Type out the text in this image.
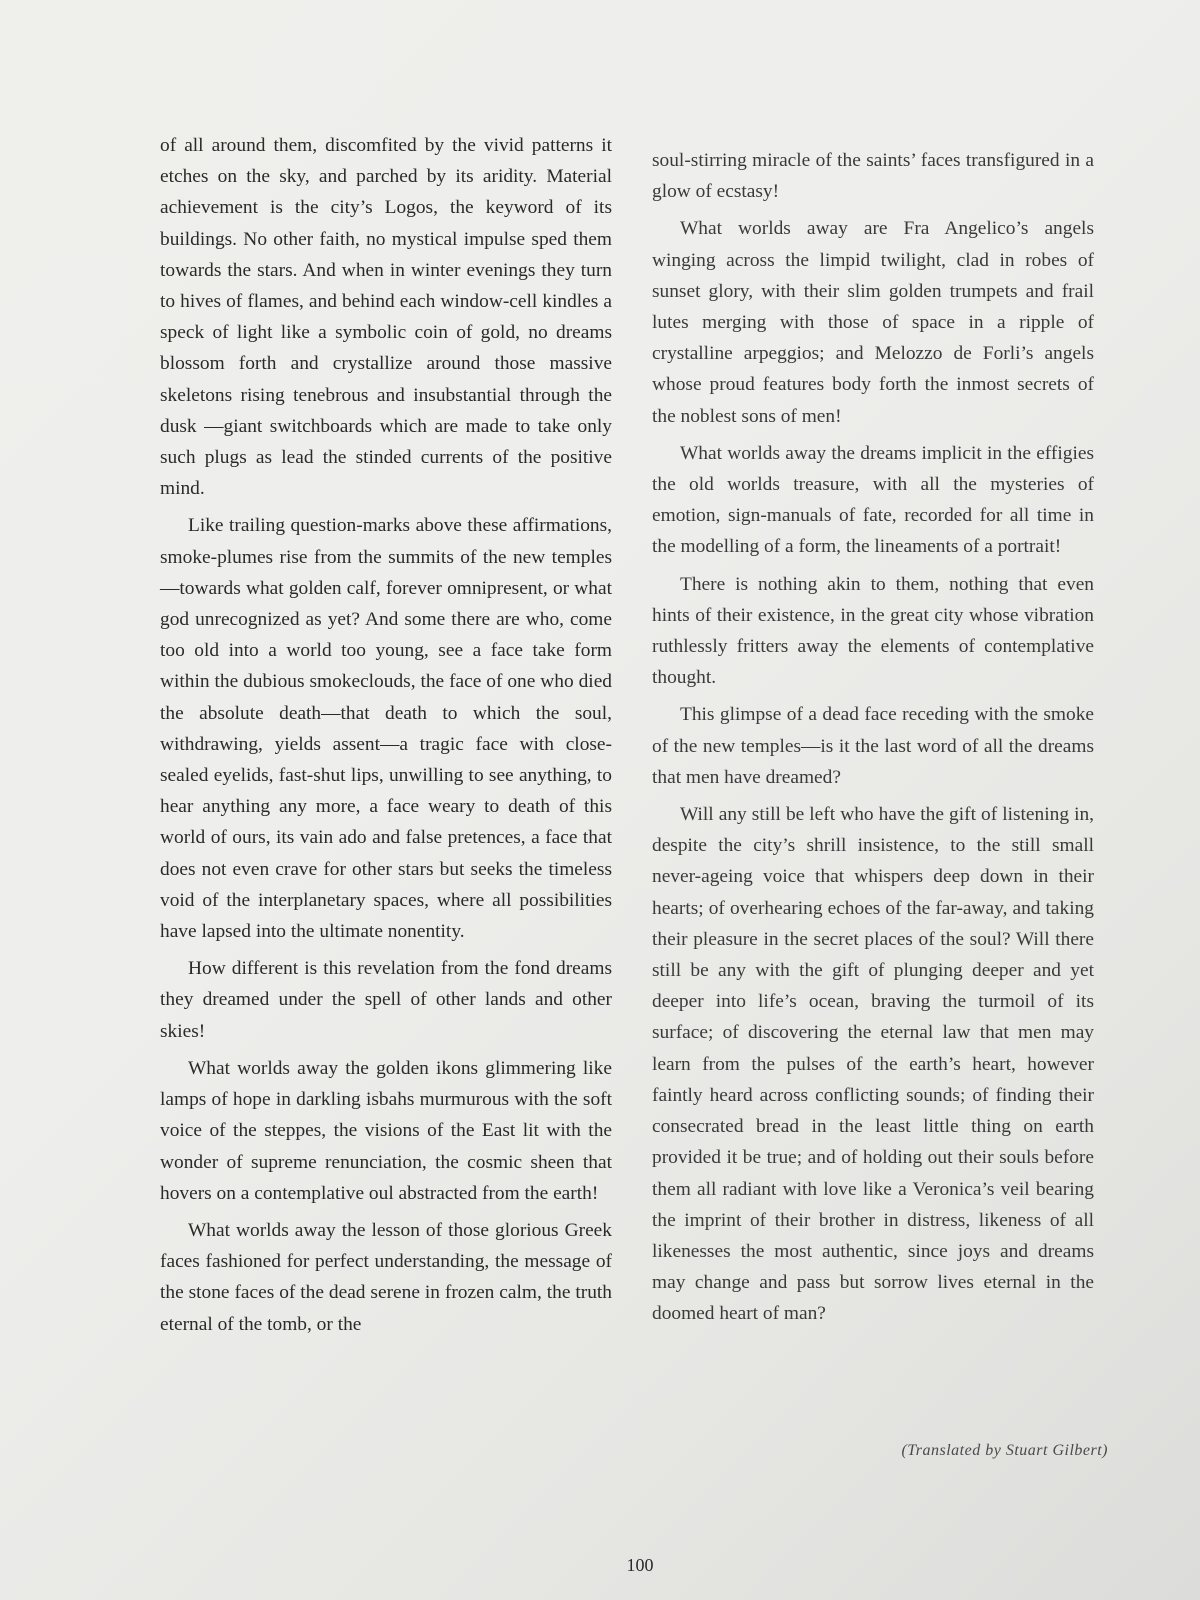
of all around them, discomfited by the vivid patterns it etches on the sky, and parched by its aridity. Material achievement is the city’s Logos, the keyword of its buildings. No other faith, no mystical impulse sped them towards the stars. And when in winter evenings they turn to hives of flames, and behind each window-cell kindles a speck of light like a symbolic coin of gold, no dreams blossom forth and crystallize around those massive skeletons rising tenebrous and insubstantial through the dusk —giant switchboards which are made to take only such plugs as lead the stinded currents of the positive mind.

Like trailing question-marks above these affirmations, smoke-plumes rise from the summits of the new temples—towards what golden calf, forever omnipresent, or what god unrecognized as yet? And some there are who, come too old into a world too young, see a face take form within the dubious smokeclouds, the face of one who died the absolute death—that death to which the soul, withdrawing, yields assent—a tragic face with close-sealed eyelids, fast-shut lips, unwilling to see anything, to hear anything any more, a face weary to death of this world of ours, its vain ado and false pretences, a face that does not even crave for other stars but seeks the timeless void of the interplanetary spaces, where all possibilities have lapsed into the ultimate nonentity.

How different is this revelation from the fond dreams they dreamed under the spell of other lands and other skies!

What worlds away the golden ikons glimmering like lamps of hope in darkling isbahs murmurous with the soft voice of the steppes, the visions of the East lit with the wonder of supreme renunciation, the cosmic sheen that hovers on a contemplative oul abstracted from the earth!

What worlds away the lesson of those glorious Greek faces fashioned for perfect understanding, the message of the stone faces of the dead serene in frozen calm, the truth eternal of the tomb, or the

soul-stirring miracle of the saints’ faces transfigured in a glow of ecstasy!

What worlds away are Fra Angelico’s angels winging across the limpid twilight, clad in robes of sunset glory, with their slim golden trumpets and frail lutes merging with those of space in a ripple of crystalline arpeggios; and Melozzo de Forli’s angels whose proud features body forth the inmost secrets of the noblest sons of men!

What worlds away the dreams implicit in the effigies the old worlds treasure, with all the mysteries of emotion, sign-manuals of fate, recorded for all time in the modelling of a form, the lineaments of a portrait!

There is nothing akin to them, nothing that even hints of their existence, in the great city whose vibration ruthlessly fritters away the elements of contemplative thought.

This glimpse of a dead face receding with the smoke of the new temples—is it the last word of all the dreams that men have dreamed?

Will any still be left who have the gift of listening in, despite the city’s shrill insistence, to the still small never-ageing voice that whispers deep down in their hearts; of overhearing echoes of the far-away, and taking their pleasure in the secret places of the soul? Will there still be any with the gift of plunging deeper and yet deeper into life’s ocean, braving the turmoil of its surface; of discovering the eternal law that men may learn from the pulses of the earth’s heart, however faintly heard across conflicting sounds; of finding their consecrated bread in the least little thing on earth provided it be true; and of holding out their souls before them all radiant with love like a Veronica’s veil bearing the imprint of their brother in distress, likeness of all likenesses the most authentic, since joys and dreams may change and pass but sorrow lives eternal in the doomed heart of man?

(Translated by Stuart Gilbert)
100
